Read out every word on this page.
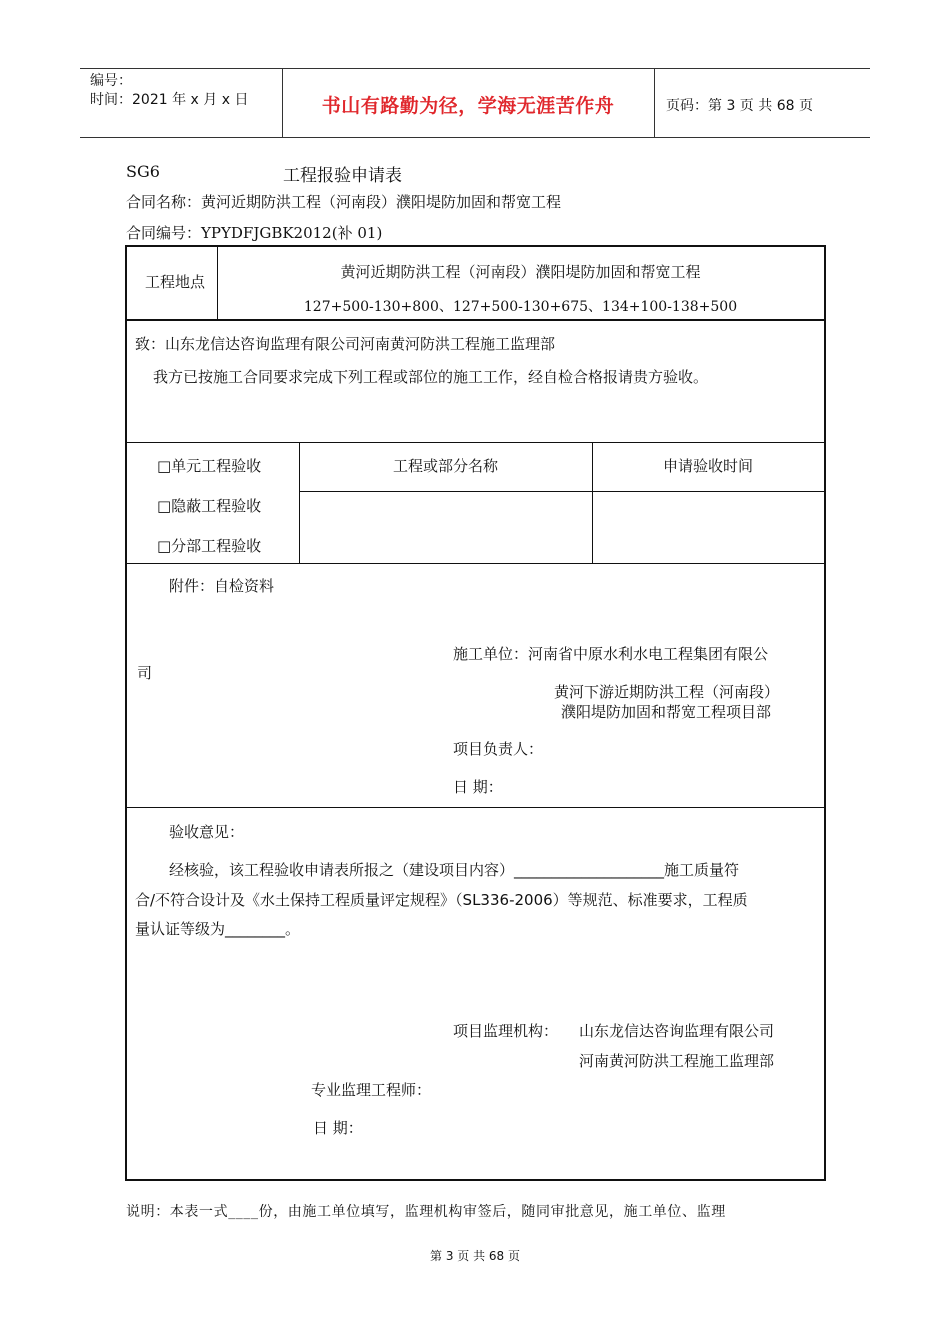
编号：
时间：2021 年 x 月 x 日	书山有路勤为径，学海无涯苦作舟	页码：第 3 页 共 68 页
SG6	工程报验申请表
合同名称：黄河近期防洪工程（河南段）濮阳堤防加固和帮宽工程
合同编号：YPYDFJGBK2012(补 01)
工程地点
黄河近期防洪工程（河南段）濮阳堤防加固和帮宽工程
127+500-130+800、127+500-130+675、134+100-138+500
致：山东龙信达咨询监理有限公司河南黄河防洪工程施工监理部
我方已按施工合同要求完成下列工程或部位的施工工作，经自检合格报请贵方验收。
□单元工程验收
□隐蔽工程验收
□分部工程验收
工程或部分名称	申请验收时间
附件：自检资料
施工单位：河南省中原水利水电工程集团有限公
司
黄河下游近期防洪工程（河南段）
濮阳堤防加固和帮宽工程项目部
项目负责人：
日 期：
验收意见：
经核验，该工程验收申请表所报之（建设项目内容）____________________施工质量符
合/不符合设计及《水土保持工程质量评定规程》（SL336-2006）等规范、标准要求，工程质
量认证等级为________。
项目监理机构： 山东龙信达咨询监理有限公司
河南黄河防洪工程施工监理部
专业监理工程师：
日 期：
说明：本表一式____份，由施工单位填写，监理机构审签后，随同审批意见，施工单位、监理
第 3 页 共 68 页
